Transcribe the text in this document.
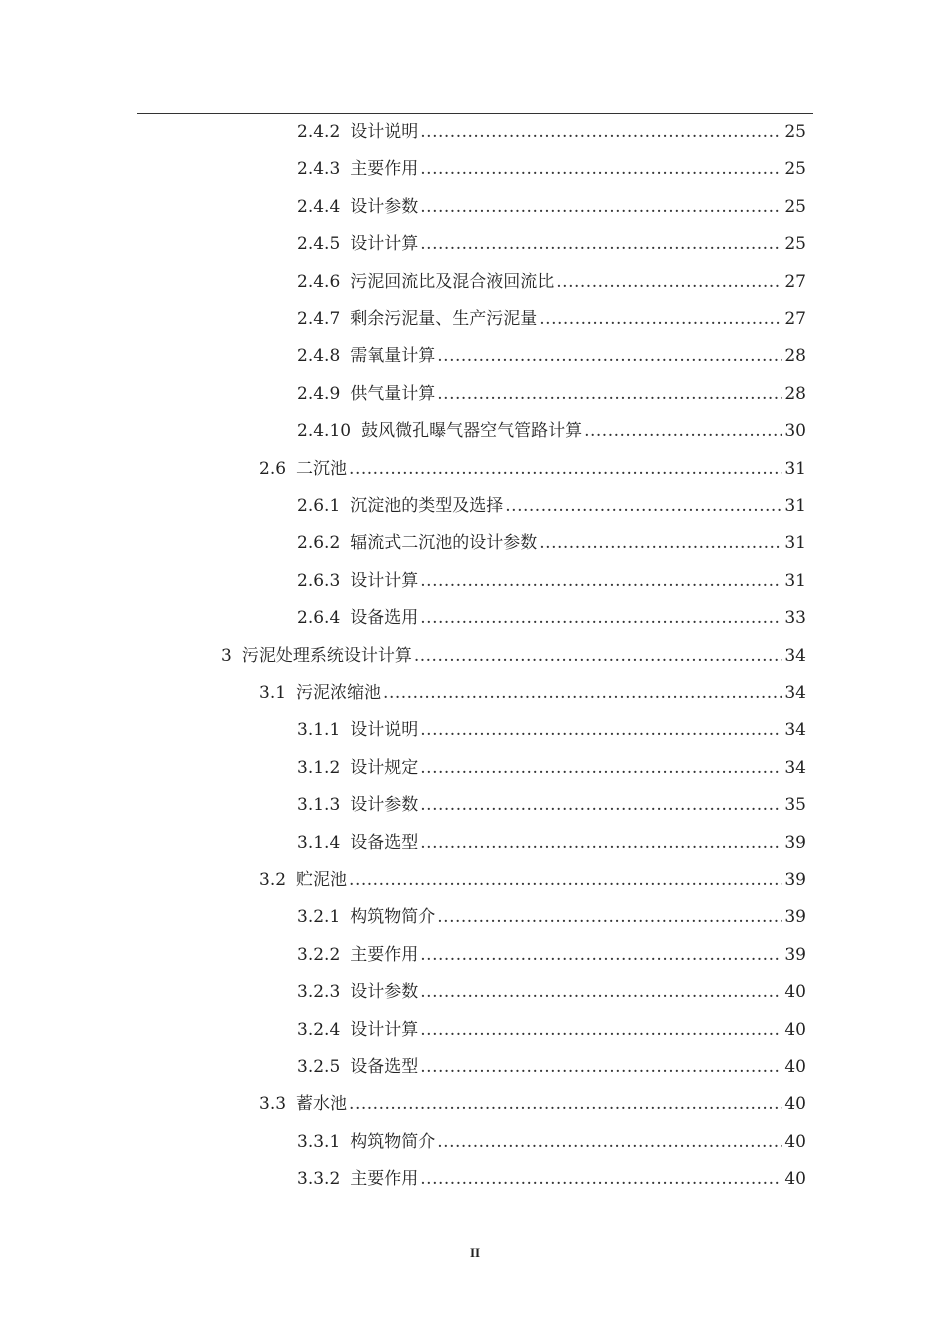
2.4.2 设计说明 .....	25
2.4.3 主要作用 .....	25
2.4.4 设计参数 .....	25
2.4.5 设计计算 .....	25
2.4.6 污泥回流比及混合液回流比 .....	27
2.4.7 剩余污泥量、生产污泥量 .....	27
2.4.8 需氧量计算 .....	28
2.4.9 供气量计算 .....	28
2.4.10 鼓风微孔曝气器空气管路计算 .....	30
2.6 二沉池 .....	31
2.6.1 沉淀池的类型及选择 .....	31
2.6.2 辐流式二沉池的设计参数 .....	31
2.6.3 设计计算 .....	31
2.6.4 设备选用 .....	33
3 污泥处理系统设计计算 .....	34
3.1 污泥浓缩池 .....	34
3.1.1 设计说明 .....	34
3.1.2 设计规定 .....	34
3.1.3 设计参数 .....	35
3.1.4 设备选型 .....	39
3.2 贮泥池 .....	39
3.2.1 构筑物简介 .....	39
3.2.2 主要作用 .....	39
3.2.3 设计参数 .....	40
3.2.4 设计计算 .....	40
3.2.5 设备选型 .....	40
3.3 蓄水池 .....	40
3.3.1 构筑物简介 .....	40
3.3.2 主要作用 .....	40
II
